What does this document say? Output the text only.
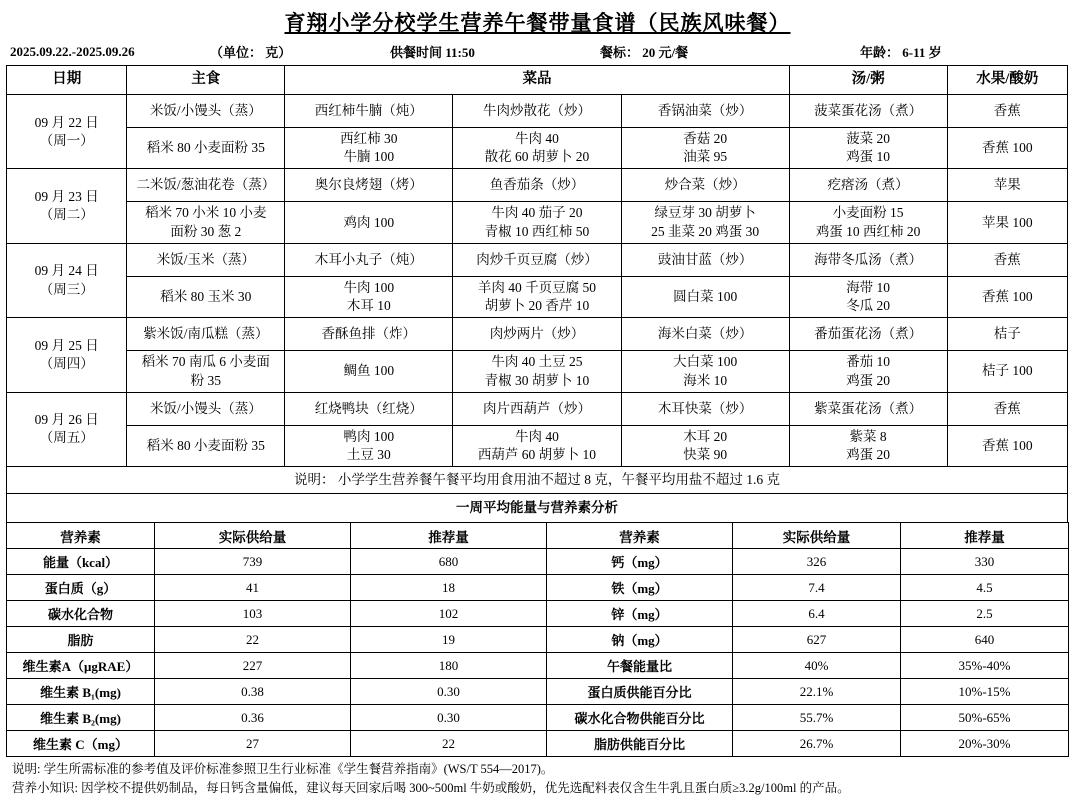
育翔小学分校学生营养午餐带量食谱（民族风味餐）
2025.09.22.-2025.09.26	（单位： 克）	供餐时间 11:50	餐标： 20 元/餐	年龄： 6-11 岁
日期	主食	菜品			汤/粥	水果/酸奶

09 月 22 日
（周一）	米饭/小馒头（蒸）	西红柿牛腩（炖）	牛肉炒散花（炒）	香锅油菜（炒）	菠菜蛋花汤（煮）	香蕉
	稻米 80 小麦面粉 35	西红柿 30
牛腩 100	牛肉 40
散花 60 胡萝卜 20	香菇 20
油菜 95	菠菜 20
鸡蛋 10	香蕉 100

09 月 23 日
（周二）	二米饭/葱油花卷（蒸）	奥尔良烤翅（烤）	鱼香茄条（炒）	炒合菜（炒）	疙瘩汤（煮）	苹果
	稻米 70 小米 10 小麦
面粉 30 葱 2	鸡肉 100	牛肉 40 茄子 20
青椒 10 西红柿 50	绿豆芽 30 胡萝卜
25 韭菜 20 鸡蛋 30	小麦面粉 15
鸡蛋 10 西红柿 20	苹果 100

09 月 24 日
（周三）	米饭/玉米（蒸）	木耳小丸子（炖）	肉炒千页豆腐（炒）	豉油甘蓝（炒）	海带冬瓜汤（煮）	香蕉
	稻米 80 玉米 30	牛肉 100
木耳 10	羊肉 40 千页豆腐 50
胡萝卜 20 香芹 10	圆白菜 100	海带 10
冬瓜 20	香蕉 100

09 月 25 日
（周四）	紫米饭/南瓜糕（蒸）	香酥鱼排（炸）	肉炒两片（炒）	海米白菜（炒）	番茄蛋花汤（煮）	桔子
	稻米 70 南瓜 6 小麦面
粉 35	鲷鱼 100	牛肉 40 土豆 25
青椒 30 胡萝卜 10	大白菜 100
海米 10	番茄 10
鸡蛋 20	桔子 100

09 月 26 日
（周五）	米饭/小馒头（蒸）	红烧鸭块（红烧）	肉片西葫芦（炒）	木耳快菜（炒）	紫菜蛋花汤（煮）	香蕉
	稻米 80 小麦面粉 35	鸭肉 100
土豆 30	牛肉 40
西葫芦 60 胡萝卜 10	木耳 20
快菜 90	紫菜 8
鸡蛋 20	香蕉 100
说明： 小学学生营养餐午餐平均用食用油不超过 8 克，午餐平均用盐不超过 1.6 克						
一周平均能量与营养素分析						
营养素	实际供给量	推荐量	营养素	实际供给量	推荐量
能量（kcal）	739	680	钙（mg）	326	330
蛋白质（g）	41	18	铁（mg）	7.4	4.5
碳水化合物	103	102	锌（mg）	6.4	2.5
脂肪	22	19	钠（mg）	627	640
维生素A（μgRAE）	227	180	午餐能量比	40%	35%-40%
维生素 B₁(mg)	0.38	0.30	蛋白质供能百分比	22.1%	10%-15%
维生素 B₂(mg)	0.36	0.30	碳水化合物供能百分比	55.7%	50%-65%
维生素 C（mg）	27	22	脂肪供能百分比	26.7%	20%-30%
说明: 学生所需标准的参考值及评价标准参照卫生行业标准《学生餐营养指南》(WS/T 554—2017)。
营养小知识: 因学校不提供奶制品，每日钙含量偏低，建议每天回家后喝 300~500ml 牛奶或酸奶，优先选配料表仅含生牛乳且蛋白质≥3.2g/100ml 的产品。
